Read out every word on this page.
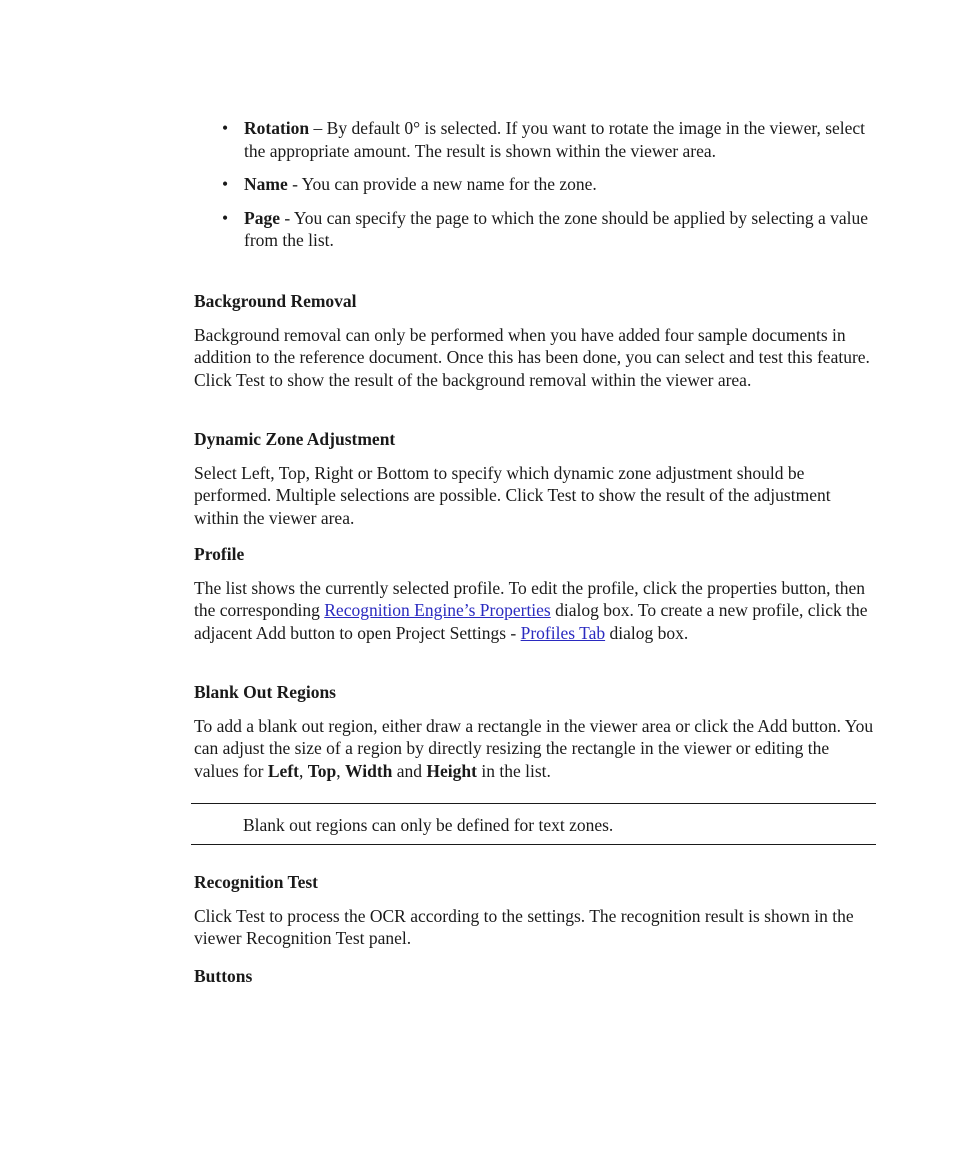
• Rotation – By default 0° is selected. If you want to rotate the image in the viewer, select the appropriate amount. The result is shown within the viewer area.
• Name - You can provide a new name for the zone.
• Page - You can specify the page to which the zone should be applied by selecting a value from the list.

Background Removal

Background removal can only be performed when you have added four sample documents in addition to the reference document. Once this has been done, you can select and test this feature. Click Test to show the result of the background removal within the viewer area.

Dynamic Zone Adjustment

Select Left, Top, Right or Bottom to specify which dynamic zone adjustment should be performed. Multiple selections are possible. Click Test to show the result of the adjustment within the viewer area.

Profile

The list shows the currently selected profile. To edit the profile, click the properties button, then the corresponding Recognition Engine’s Properties dialog box. To create a new profile, click the adjacent Add button to open Project Settings - Profiles Tab dialog box.

Blank Out Regions

To add a blank out region, either draw a rectangle in the viewer area or click the Add button. You can adjust the size of a region by directly resizing the rectangle in the viewer or editing the values for Left, Top, Width and Height in the list.

Blank out regions can only be defined for text zones.

Recognition Test

Click Test to process the OCR according to the settings. The recognition result is shown in the viewer Recognition Test panel.

Buttons
